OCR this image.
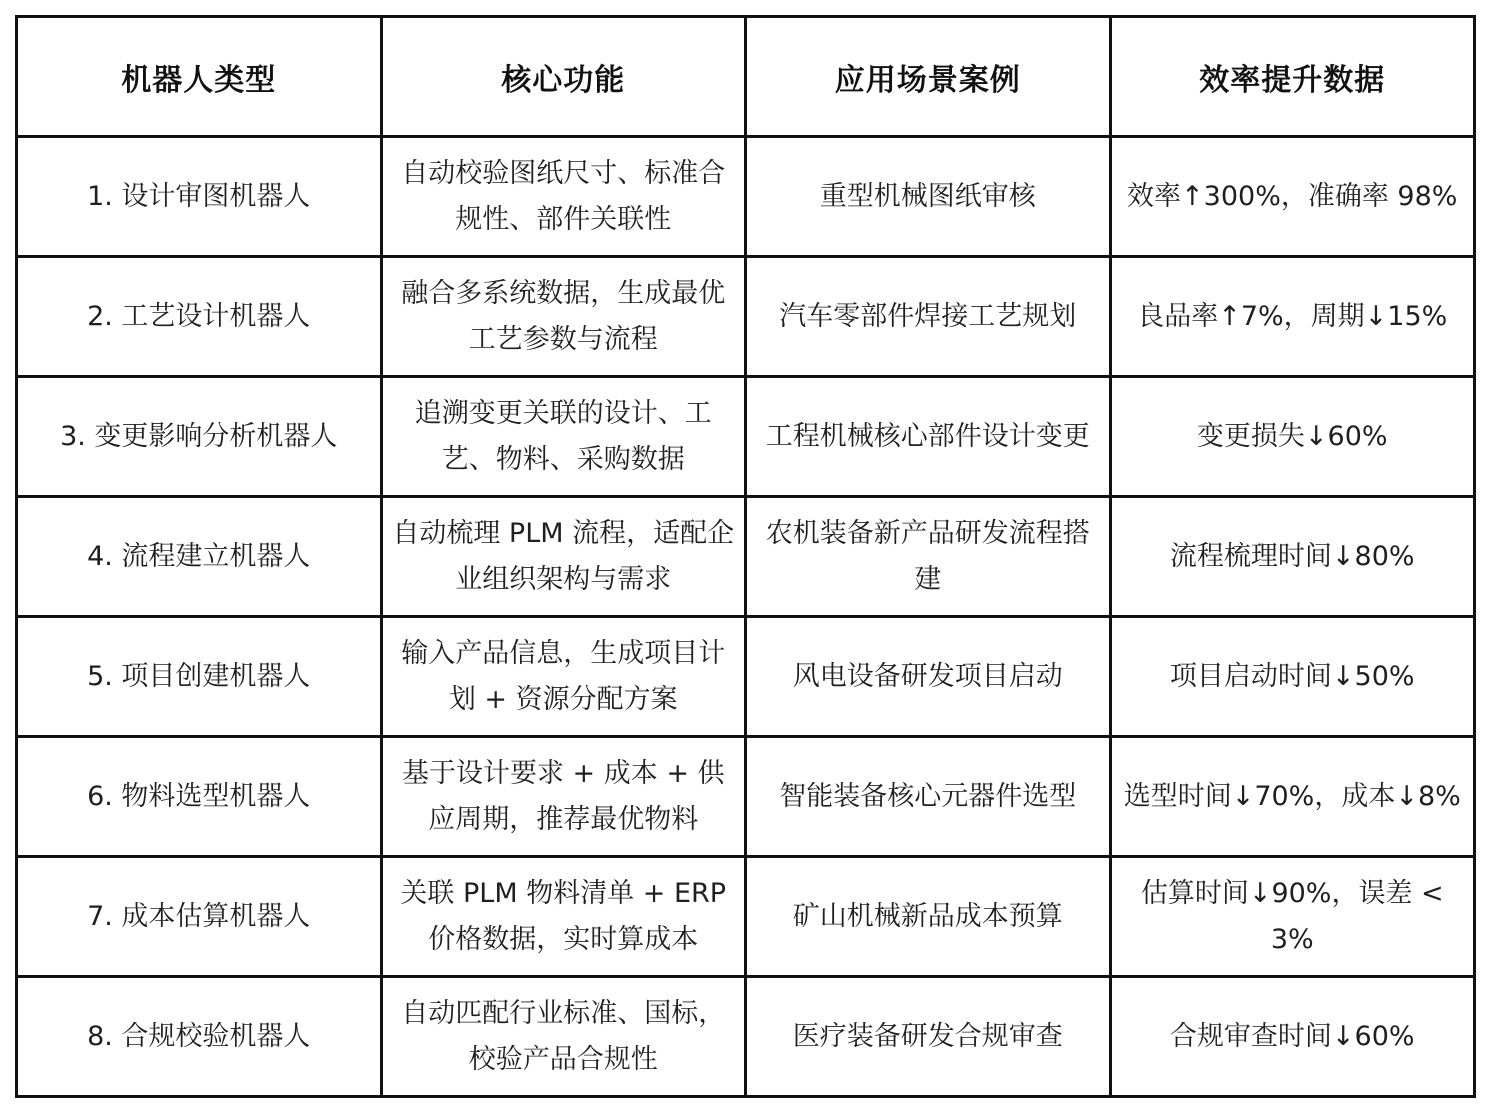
机器人类型	核心功能	应用场景案例	效率提升数据
1. 设计审图机器人	自动校验图纸尺寸、标准合规性、部件关联性	重型机械图纸审核	效率↑300%，准确率 98%
2. 工艺设计机器人	融合多系统数据，生成最优工艺参数与流程	汽车零部件焊接工艺规划	良品率↑7%，周期↓15%
3. 变更影响分析机器人	追溯变更关联的设计、工艺、物料、采购数据	工程机械核心部件设计变更	变更损失↓60%
4. 流程建立机器人	自动梳理 PLM 流程，适配企业组织架构与需求	农机装备新产品研发流程搭建	流程梳理时间↓80%
5. 项目创建机器人	输入产品信息，生成项目计划 + 资源分配方案	风电设备研发项目启动	项目启动时间↓50%
6. 物料选型机器人	基于设计要求 + 成本 + 供应周期，推荐最优物料	智能装备核心元器件选型	选型时间↓70%，成本↓8%
7. 成本估算机器人	关联 PLM 物料清单 + ERP 价格数据，实时算成本	矿山机械新品成本预算	估算时间↓90%，误差 < 3%
8. 合规校验机器人	自动匹配行业标准、国标，校验产品合规性	医疗装备研发合规审查	合规审查时间↓60%
